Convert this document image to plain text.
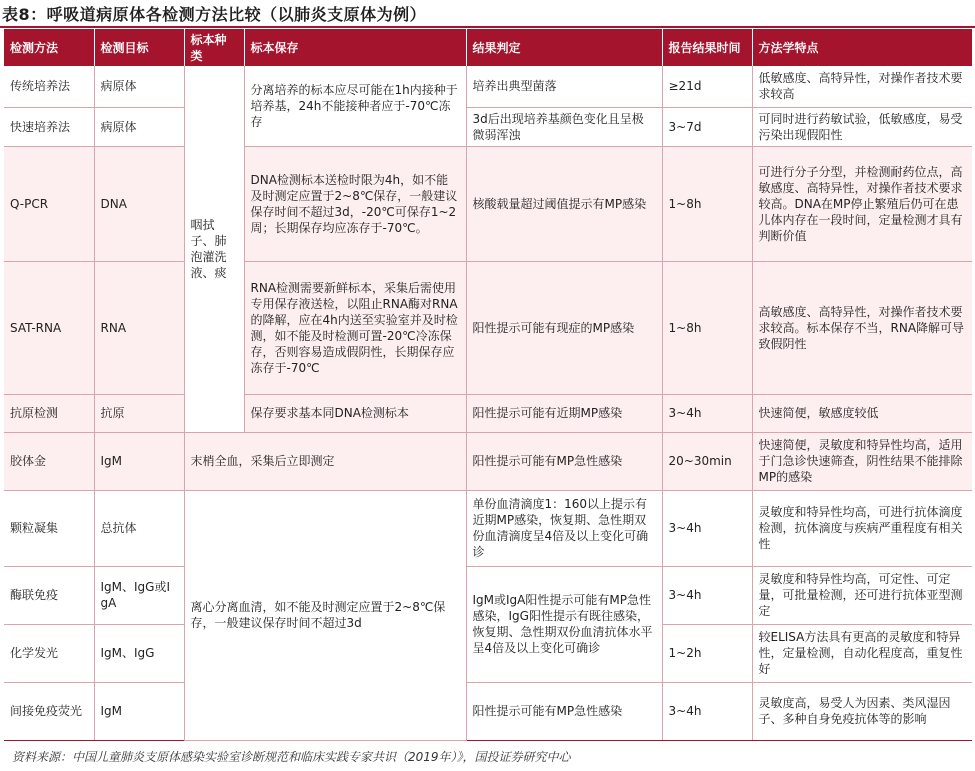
表8：呼吸道病原体各检测方法比较（以肺炎支原体为例）
检测方法	检测目标	标本种类	标本保存	结果判定	报告结果时间	方法学特点
传统培养法	病原体	咽拭子、肺泡灌洗液、痰	分离培养的标本应尽可能在1h内接种于培养基，24h不能接种者应于-70℃冻存	培养出典型菌落	≥21d	低敏感度、高特异性，对操作者技术要求较高
快速培养法	病原体			3d后出现培养基颜色变化且呈极微弱浑浊	3~7d	可同时进行药敏试验，低敏感度，易受污染出现假阳性
Q-PCR	DNA		DNA检测标本送检时限为4h，如不能及时测定应置于2~8℃保存，一般建议保存时间不超过3d，-20℃可保存1~2周；长期保存均应冻存于-70℃。	核酸载量超过阈值提示有MP感染	1~8h	可进行分子分型，并检测耐药位点，高敏感度、高特异性，对操作者技术要求较高。DNA在MP停止繁殖后仍可在患儿体内存在一段时间，定量检测才具有判断价值
SAT-RNA	RNA		RNA检测需要新鲜标本，采集后需使用专用保存液送检，以阻止RNA酶对RNA的降解，应在4h内送至实验室并及时检测，如不能及时检测可置-20℃冷冻保存，否则容易造成假阴性，长期保存应冻存于-70℃	阳性提示可能有现症的MP感染	1~8h	高敏感度、高特异性，对操作者技术要求较高。标本保存不当，RNA降解可导致假阴性
抗原检测	抗原		保存要求基本同DNA检测标本	阳性提示可能有近期MP感染	3~4h	快速简便，敏感度较低
胶体金	IgM	末梢全血，采集后立即测定		阳性提示可能有MP急性感染	20~30min	快速简便，灵敏度和特异性均高，适用于门急诊快速筛查，阴性结果不能排除MP的感染
颗粒凝集	总抗体	离心分离血清，如不能及时测定应置于2~8℃保存，一般建议保存时间不超过3d		单份血清滴度1：160以上提示有近期MP感染，恢复期、急性期双份血清滴度呈4倍及以上变化可确诊	3~4h	灵敏度和特异性均高，可进行抗体滴度检测，抗体滴度与疾病严重程度有相关性
酶联免疫	IgM、IgG或IgA			IgM或IgA阳性提示可能有MP急性感染，IgG阳性提示有既往感染，恢复期、急性期双份血清抗体水平呈4倍及以上变化可确诊	3~4h	灵敏度和特异性均高，可定性、可定量，可批量检测，还可进行抗体亚型测定
化学发光	IgM、IgG				1~2h	较ELISA方法具有更高的灵敏度和特异性，定量检测，自动化程度高，重复性好
间接免疫荧光	IgM			阳性提示可能有MP急性感染	3~4h	灵敏度高，易受人为因素、类风湿因子、多种自身免疫抗体等的影响
资料来源：中国儿童肺炎支原体感染实验室诊断规范和临床实践专家共识（2019年）》，国投证券研究中心
